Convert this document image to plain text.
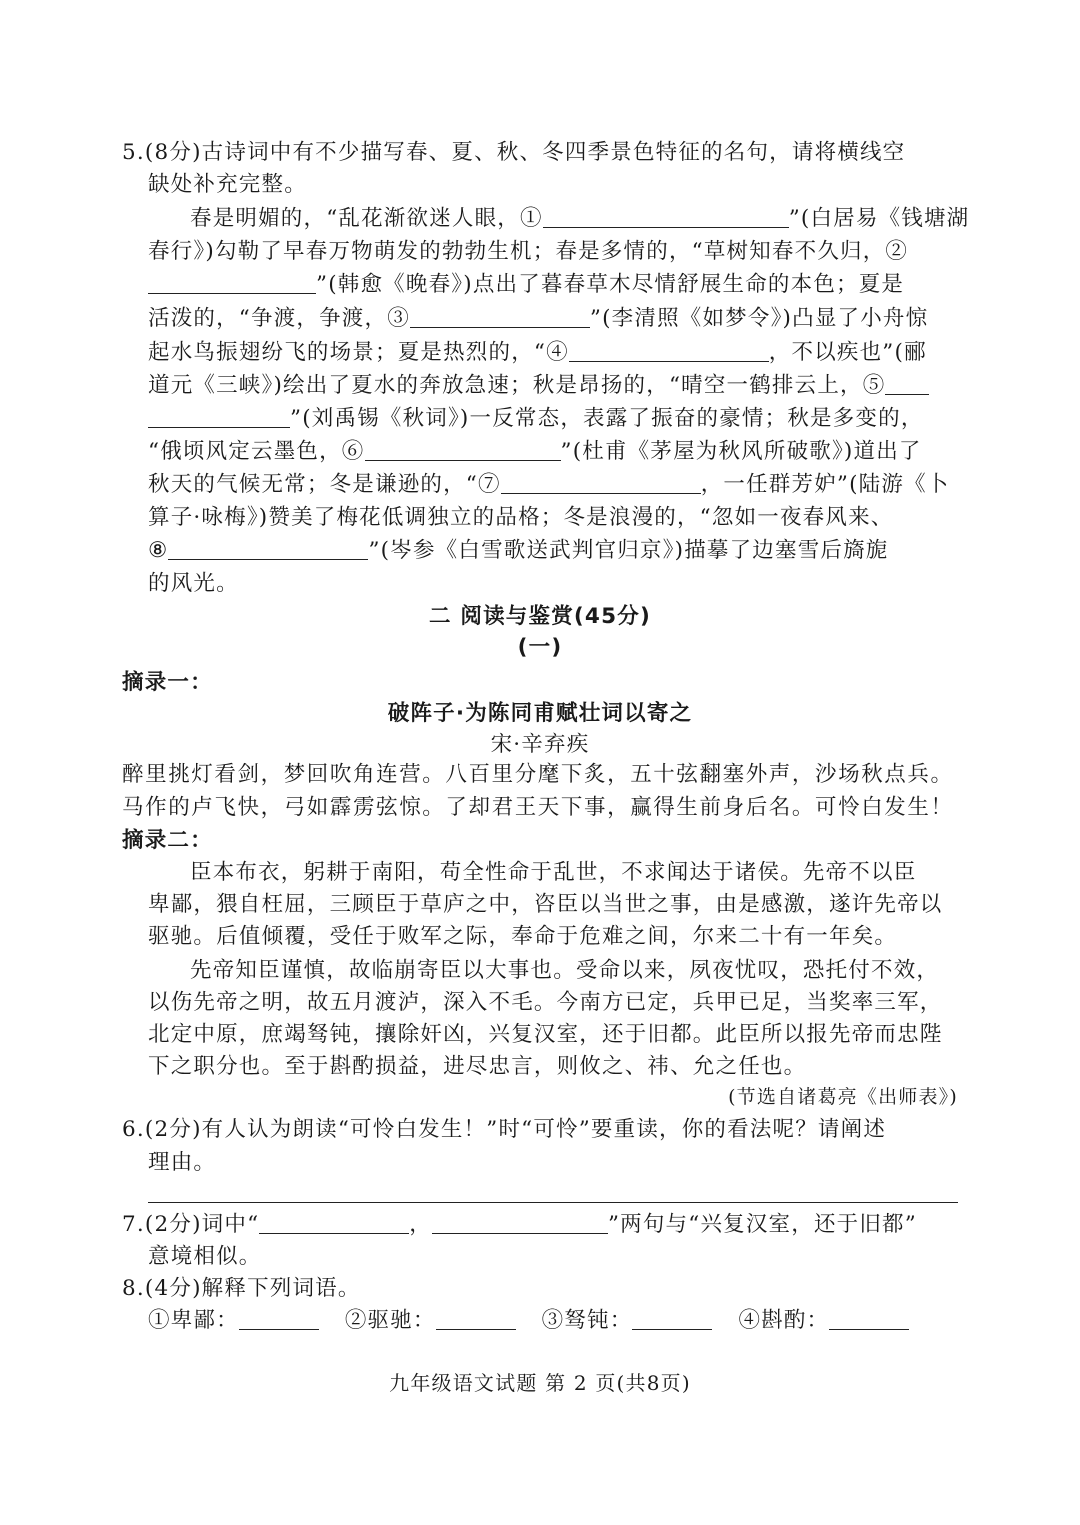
5.(8分)古诗词中有不少描写春、夏、秋、冬四季景色特征的名句，请将横线空
缺处补充完整。
春是明媚的，“乱花渐欲迷人眼，①	”(白居易《钱塘湖
春行》)勾勒了早春万物萌发的勃勃生机；春是多情的，“草树知春不久归，②
”(韩愈《晚春》)点出了暮春草木尽情舒展生命的本色；夏是
活泼的，“争渡，争渡，③	”(李清照《如梦令》)凸显了小舟惊
起水鸟振翅纷飞的场景；夏是热烈的，“④	，不以疾也”(郦
道元《三峡》)绘出了夏水的奔放急速；秋是昂扬的，“晴空一鹤排云上，⑤
”(刘禹锡《秋词》)一反常态，表露了振奋的豪情；秋是多变的，
“俄顷风定云墨色，⑥	”(杜甫《茅屋为秋风所破歌》)道出了
秋天的气候无常；冬是谦逊的，“⑦	，一任群芳妒”(陆游《卜
算子·咏梅》)赞美了梅花低调独立的品格；冬是浪漫的，“忽如一夜春风来、
⑧	”(岑参《白雪歌送武判官归京》)描摹了边塞雪后旖旎
的风光。
二 阅读与鉴赏(45分)
(一)
摘录一：
破阵子·为陈同甫赋壮词以寄之
宋·辛弃疾
醉里挑灯看剑，梦回吹角连营。八百里分麾下炙，五十弦翻塞外声，沙场秋点兵。
马作的卢飞快，弓如霹雳弦惊。了却君王天下事，赢得生前身后名。可怜白发生！
摘录二：
臣本布衣，躬耕于南阳，苟全性命于乱世，不求闻达于诸侯。先帝不以臣
卑鄙，猥自枉屈，三顾臣于草庐之中，咨臣以当世之事，由是感激，遂许先帝以
驱驰。后值倾覆，受任于败军之际，奉命于危难之间，尔来二十有一年矣。
先帝知臣谨慎，故临崩寄臣以大事也。受命以来，夙夜忧叹，恐托付不效，
以伤先帝之明，故五月渡泸，深入不毛。今南方已定，兵甲已足，当奖率三军，
北定中原，庶竭驽钝，攘除奸凶，兴复汉室，还于旧都。此臣所以报先帝而忠陛
下之职分也。至于斟酌损益，进尽忠言，则攸之、祎、允之任也。
(节选自诸葛亮《出师表》)
6.(2分)有人认为朗读“可怜白发生！”时“可怜”要重读，你的看法呢？请阐述
理由。
7.(2分)词中“	，	”两句与“兴复汉室，还于旧都”
意境相似。
8.(4分)解释下列词语。
①卑鄙：	②驱驰：	③驽钝：	④斟酌：
九年级语文试题 第 2 页(共8页)
